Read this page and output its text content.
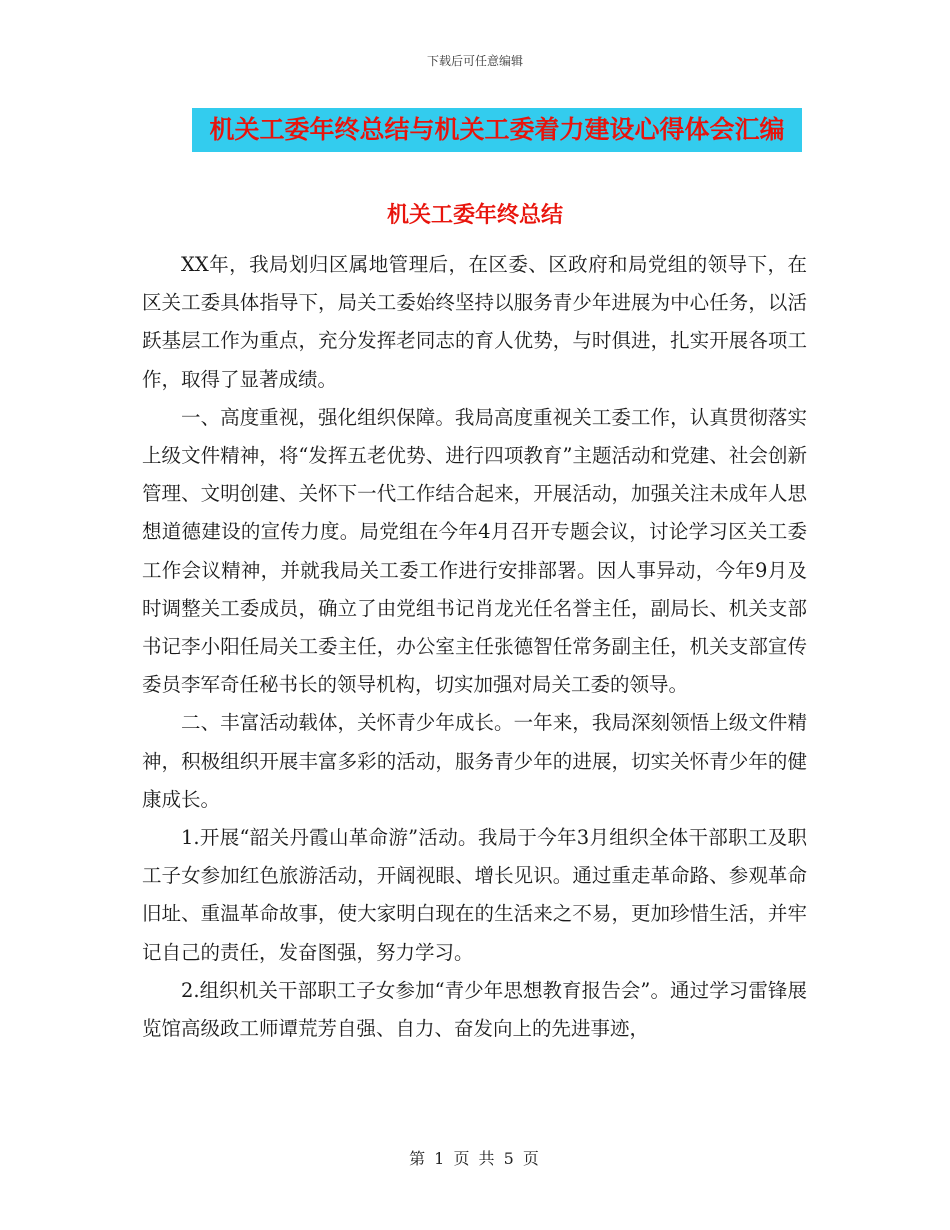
下载后可任意编辑
机关工委年终总结与机关工委着力建设心得体会汇编
机关工委年终总结

XX年，我局划归区属地管理后，在区委、区政府和局党组的领导下，在区关工委具体指导下，局关工委始终坚持以服务青少年进展为中心任务，以活跃基层工作为重点，充分发挥老同志的育人优势，与时俱进，扎实开展各项工作，取得了显著成绩。

一、高度重视，强化组织保障。我局高度重视关工委工作，认真贯彻落实上级文件精神，将“发挥五老优势、进行四项教育”主题活动和党建、社会创新管理、文明创建、关怀下一代工作结合起来，开展活动，加强关注未成年人思想道德建设的宣传力度。局党组在今年4月召开专题会议，讨论学习区关工委工作会议精神，并就我局关工委工作进行安排部署。因人事异动，今年9月及时调整关工委成员，确立了由党组书记肖龙光任名誉主任，副局长、机关支部书记李小阳任局关工委主任，办公室主任张德智任常务副主任，机关支部宣传委员李军奇任秘书长的领导机构，切实加强对局关工委的领导。

二、丰富活动载体，关怀青少年成长。一年来，我局深刻领悟上级文件精神，积极组织开展丰富多彩的活动，服务青少年的进展，切实关怀青少年的健康成长。

1.开展“韶关丹霞山革命游”活动。我局于今年3月组织全体干部职工及职工子女参加红色旅游活动，开阔视眼、增长见识。通过重走革命路、参观革命旧址、重温革命故事，使大家明白现在的生活来之不易，更加珍惜生活，并牢记自己的责任，发奋图强，努力学习。

2.组织机关干部职工子女参加“青少年思想教育报告会”。通过学习雷锋展览馆高级政工师谭荒芳自强、自力、奋发向上的先进事迹，

第 1 页 共 5 页
